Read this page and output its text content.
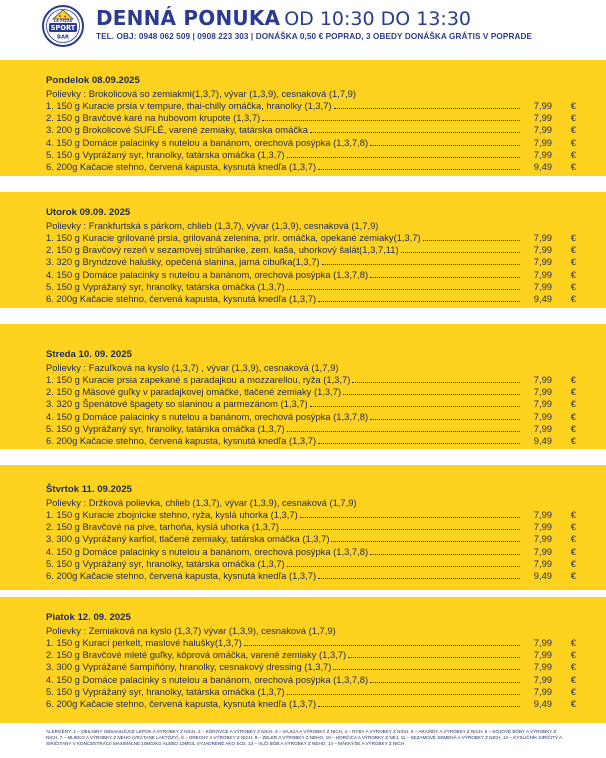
LA PIZZA
SPORT
BAR
DENNÁ PONUKA OD 10:30 DO 13:30
TEL. OBJ: 0948 062 509 | 0908 223 303 | DONÁŠKA 0,50 € POPRAD, 3 OBEDY DONÁŠKA GRÁTIS V POPRADE
Pondelok 08.09.2025
Polievky : Brokolicová so zemiakmi(1,3,7), vývar (1,3,9), cesnaková (1,7,9)
1. 150 g Kuracie prsia v tempure, thai-chilly omáčka, hranolky (1,3,7)	7,99	€
2. 150 g Bravčové karé na hubovom krupote (1,3,7)	7,99	€
3. 200 g Brokolicové SUFLÉ, varené zemiaky, tatárska omáčka	7,99	€
4. 150 g Domáce palacinky s nutelou a banánom, orechová posýpka (1,3,7,8)	7,99	€
5. 150 g Vyprážaný syr, hranolky, tatárska omáčka (1,3,7)	7,99	€
6. 200g Kačacie stehno, červená kapusta, kysnutá knedľa (1,3,7)	9,49	€
Utorok 09.09. 2025
Polievky : Frankfurtská s párkom, chlieb (1,3,7), vývar (1,3,9), cesnaková (1,7,9)
1. 150 g Kuracie grilované prsia, grilovaná zelenina, prír. omáčka, opekané zemiaky(1,3,7)	7,99	€
2. 150 g Bravčový rezeň v sezamovej strúhanke, zem. kaša, uhorkový šalát(1,3,7,11)	7,99	€
3. 320 g Bryndzové halušky, opečená slanina, jarná cibuľka(1,3,7)	7,99	€
4. 150 g Domáce palacinky s nutelou a banánom, orechová posýpka (1,3,7,8)	7,99	€
5. 150 g Vyprážaný syr, hranolky, tatárska omáčka (1,3,7)	7,99	€
6. 200g Kačacie stehno, červená kapusta, kysnutá knedľa (1,3,7)	9,49	€
Streda 10. 09. 2025
Polievky : Fazuľková na kyslo (1,3,7) , vývar (1,3,9), cesnaková (1,7,9)
1. 150 g Kuracie prsia zapekané s paradajkou a mozzarellou, ryža (1,3,7)	7,99	€
2. 150 g Mäsové guľky v paradajkovej omáčke, tlačené zemiaky (1,3,7)	7,99	€
3. 320 g Špenátové špagety so slaninou a parmezánom (1,3,7)	7,99	€
4. 150 g Domáce palacinky s nutelou a banánom, orechová posýpka (1,3,7,8)	7,99	€
5. 150 g Vyprážaný syr, hranolky, tatárska omáčka (1,3,7)	7,99	€
6. 200g Kačacie stehno, červená kapusta, kysnutá knedľa (1,3,7)	9,49	€
Štvrtok 11. 09.2025
Polievky : Držková polievka, chlieb (1,3,7), vývar (1,3,9), cesnaková (1,7,9)
1. 150 g Kuracie zbojnícke stehno, ryža, kyslá uhorka (1,3,7)	7,99	€
2. 150 g Bravčové na pive, tarhoňa, kyslá uhorka (1,3,7)	7,99	€
3. 300 g Vyprážaný karfiol, tlačené zemiaky, tatárska omáčka (1,3,7)	7,99	€
4. 150 g Domáce palacinky s nutelou a banánom, orechová posýpka (1,3,7,8)	7,99	€
5. 150 g Vyprážaný syr, hranolky, tatárska omáčka (1,3,7)	7,99	€
6. 200g Kačacie stehno, červená kapusta, kysnutá knedľa (1,3,7)	9,49	€
Piatok 12. 09. 2025
Polievky : Zemiaková na kyslo (1,3,7) vývar (1,3,9), cesnaková (1,7,9)
1. 150 g Kurací perkelt, maslové halušky(1,3,7)	7,99	€
2. 150 g Bravčové mleté guľky, kôprová omáčka, varené zemiaky (1,3,7)	7,99	€
3. 300 g Vyprážané šampiňóny, hranolky, cesnakový dressing (1,3,7)	7,99	€
4. 150 g Domáce palacinky s nutelou a banánom, orechová posýpka (1,3,7,8)	7,99	€
5. 150 g Vyprážaný syr, hranolky, tatárska omáčka (1,3,7)	7,99	€
6. 200g Kačacie stehno, červená kapusta, kysnutá knedľa (1,3,7)	9,49	€
ALERGÉNY: 1 – OBILNINY OBSAHUJÚCE LEPOK A VÝROBKY Z NICH, 2 – KÔROVCE A VÝROBKY Z NICH, 3 – VAJCIA A VÝROBKY Z NICH, 4 – RYBY A VÝROBKY Z NICH, 5 – ARAŠIDY A VÝROBKY Z NICH, 6 – SÓJOVÉ BÔBY A VÝROBKY Z NICH, 7 – MLIEKO A VÝROBKY Z NEHO (VRÁTANE LAKTÓZY), 8 – ORECHY A VÝROBKY Z NICH, 9 – ZELER A VÝROBKY Z NEHO, 10 – HORČICA A VÝROBKY Z NEJ, 11 – SEZAMOVÉ SEMENÁ A VÝROBKY Z NICH, 12 – KYSLIČNÍK SIRIČITÝ A SIRIČITANY V KONCENTRÁCII MAXIMÁLNE 10MG/KG ALEBO 10MG/L VYJADRENÉ AKO SO2, 13 – VLČÍ BÔB A VÝROBKY Z NEHO, 14 – MÄKKÝŠE A VÝROBKY Z NICH
